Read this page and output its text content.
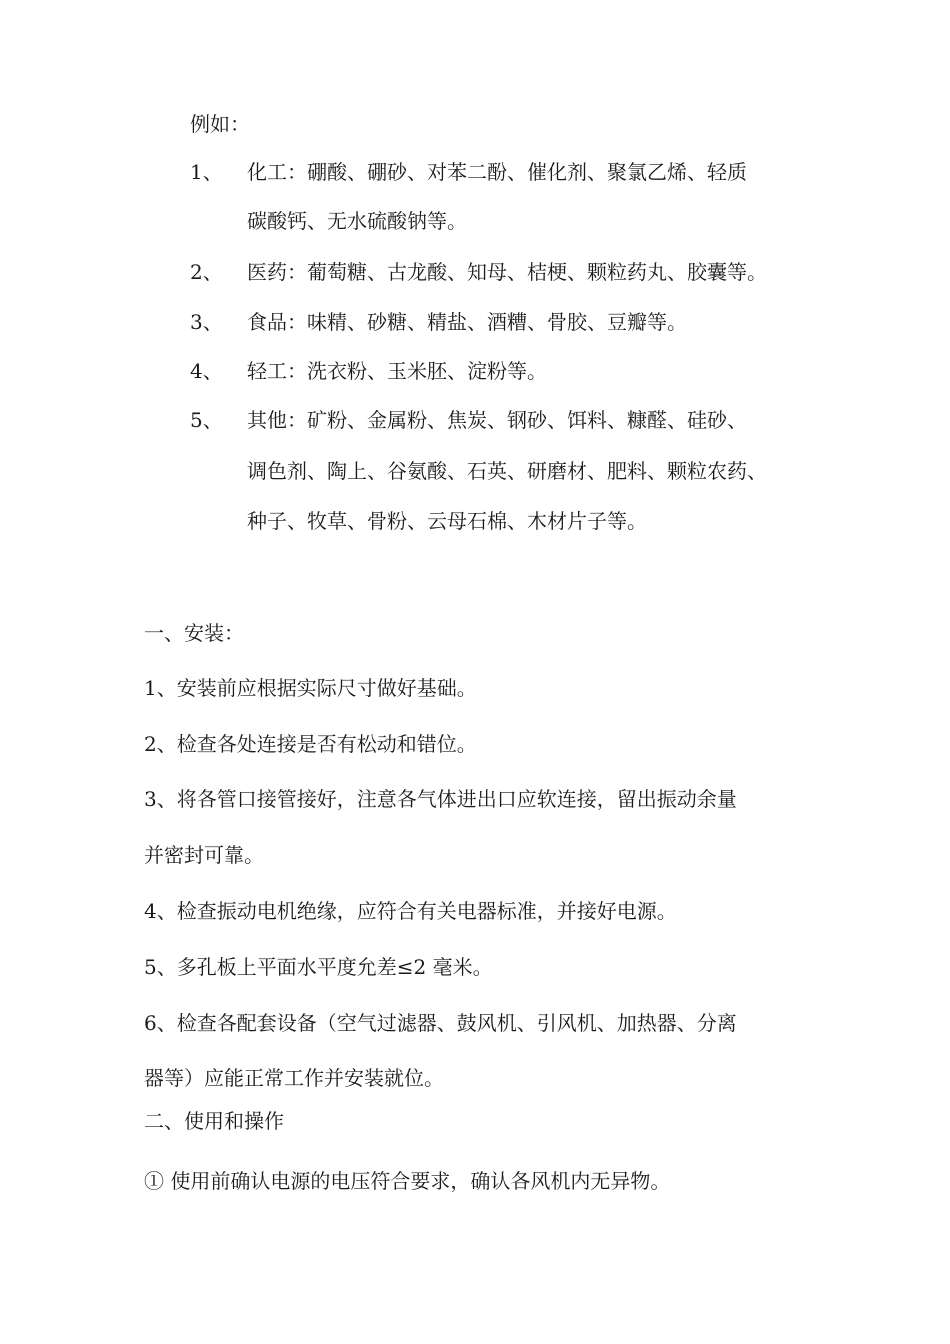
例如：
1、 化工：硼酸、硼砂、对苯二酚、催化剂、聚氯乙烯、轻质
碳酸钙、无水硫酸钠等。
2、 医药：葡萄糖、古龙酸、知母、桔梗、颗粒药丸、胶囊等。
3、 食品：味精、砂糖、精盐、酒糟、骨胶、豆瓣等。
4、 轻工：洗衣粉、玉米胚、淀粉等。
5、 其他：矿粉、金属粉、焦炭、钢砂、饵料、糠醛、硅砂、
调色剂、陶上、谷氨酸、石英、研磨材、肥料、颗粒农药、
种子、牧草、骨粉、云母石棉、木材片子等。
一、安装：
1、安装前应根据实际尺寸做好基础。
2、检查各处连接是否有松动和错位。
3、将各管口接管接好，注意各气体进出口应软连接，留出振动余量
并密封可靠。
4、检查振动电机绝缘，应符合有关电器标准，并接好电源。
5、多孔板上平面水平度允差≤2 毫米。
6、检查各配套设备（空气过滤器、鼓风机、引风机、加热器、分离
器等）应能正常工作并安装就位。
二、使用和操作
① 使用前确认电源的电压符合要求，确认各风机内无异物。
